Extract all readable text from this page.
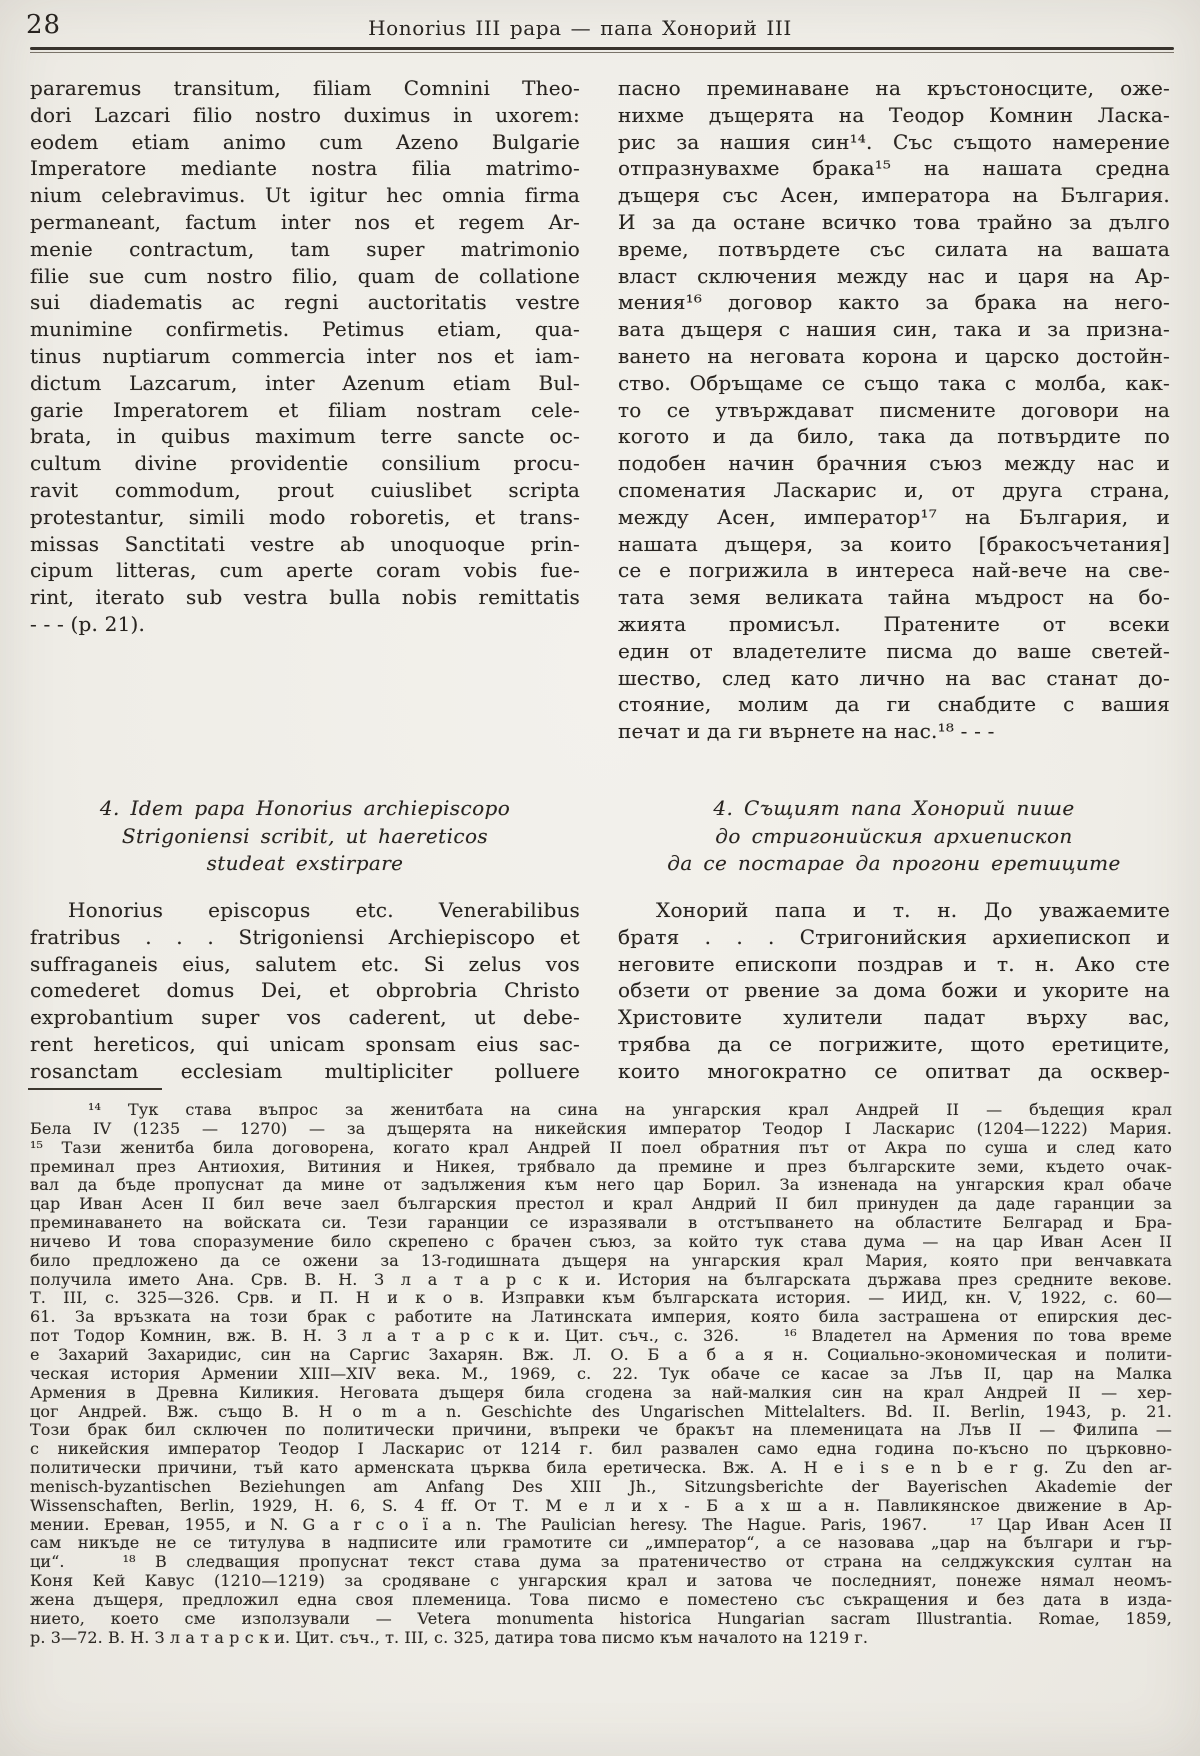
28	Honorius III papa — папа Хонорий III
pararemus transitum, filiam Comnini Theo-
dori Lazcari filio nostro duximus in uxorem:
eodem etiam animo cum Azeno Bulgarie
Imperatore mediante nostra filia matrimo-
nium celebravimus. Ut igitur hec omnia firma
permaneant, factum inter nos et regem Ar-
menie contractum, tam super matrimonio
filie sue cum nostro filio, quam de collatione
sui diadematis ac regni auctoritatis vestre
munimine confirmetis. Petimus etiam, qua-
tinus nuptiarum commercia inter nos et iam-
dictum Lazcarum, inter Azenum etiam Bul-
garie Imperatorem et filiam nostram cele-
brata, in quibus maximum terre sancte oc-
cultum divine providentie consilium procu-
ravit commodum, prout cuiuslibet scripta
protestantur, simili modo roboretis, et trans-
missas Sanctitati vestre ab unoquoque prin-
cipum litteras, cum aperte coram vobis fue-
rint, iterato sub vestra bulla nobis remittatis
- - - (p. 21).
4. Idem papa Honorius archiepiscopo
Strigoniensi scribit, ut haereticos
studeat exstirpare
Honorius episcopus etc. Venerabilibus
fratribus . . . Strigoniensi Archiepiscopo et
suffraganeis eius, salutem etc. Si zelus vos
comederet domus Dei, et obprobria Christo
exprobantium super vos caderent, ut debe-
rent hereticos, qui unicam sponsam eius sac-
rosanctam ecclesiam multipliciter polluere
пасно преминаване на кръстоносците, оже-
нихме дъщерята на Теодор Комнин Ласка-
рис за нашия син¹⁴. Със същото намерение
отпразнувахме брака¹⁵ на нашата средна
дъщеря със Асен, императора на България.
И за да остане всичко това трайно за дълго
време, потвърдете със силата на вашата
власт сключения между нас и царя на Ар-
мения¹⁶ договор както за брака на него-
вата дъщеря с нашия син, така и за призна-
ването на неговата корона и царско достойн-
ство. Обръщаме се също така с молба, как-
то се утвърждават писмените договори на
когото и да било, така да потвърдите по
подобен начин брачния съюз между нас и
споменатия Ласкарис и, от друга страна,
между Асен, император¹⁷ на България, и
нашата дъщеря, за които [бракосъчетания]
се е погрижила в интереса най-вече на све-
тата земя великата тайна мъдрост на бо-
жията промисъл. Пратените от всеки
един от владетелите писма до ваше светей-
шество, след като лично на вас станат до-
стояние, молим да ги снабдите с вашия
печат и да ги върнете на нас.¹⁸ - - -
4. Същият папа Хонорий пише
до стригонийския архиепископ
да се постарае да прогони еретиците
Хонорий папа и т. н. До уважаемите
братя . . . Стригонийския архиепископ и
неговите епископи поздрав и т. н. Ако сте
обзети от рвение за дома божи и укорите на
Христовите хулители падат върху вас,
трябва да се погрижите, щото еретиците,
които многократно се опитват да осквер-
¹⁴ Тук става въпрос за женитбата на сина на унгарския крал Андрей II — бъдещия крал
Бела IV (1235 — 1270) — за дъщерята на никейския император Теодор I Ласкарис (1204—1222) Мария.
¹⁵ Тази женитба била договорена, когато крал Андрей II поел обратния път от Акра по суша и след като
преминал през Антиохия, Витиния и Никея, трябвало да премине и през българските земи, където очак-
вал да бъде пропуснат да мине от задължения към него цар Борил. За изненада на унгарския крал обаче
цар Иван Асен II бил вече заел българския престол и крал Андрий II бил принуден да даде гаранции за
преминаването на войската си. Тези гаранции се изразявали в отстъпването на областите Белгарад и Бра-
ничево И това споразумение било скрепено с брачен съюз, за който тук става дума — на цар Иван Асен II
било предложено да се ожени за 13-годишната дъщеря на унгарския крал Мария, която при венчавката
получила името Ана. Срв. В. Н. З л а т а р с к и. История на българската държава през средните векове.
Т. III, с. 325—326. Срв. и П. Н и к о в. Изправки към българската история. — ИИД, кн. V, 1922, с. 60—
61. За връзката на този брак с работите на Латинската империя, която била застрашена от епирския дес-
пот Тодор Комнин, вж. В. Н. З л а т а р с к и. Цит. съч., с. 326.   ¹⁶ Владетел на Армения по това време
е Захарий Захаридис, син на Саргис Захарян. Вж. Л. О. Б а б а я н. Социально-экономическая и полити-
ческая история Армении XIII—XIV века. М., 1969, с. 22. Тук обаче се касае за Лъв II, цар на Малка
Армения в Древна Киликия. Неговата дъщеря била сгодена за най-малкия син на крал Андрей II — хер-
цог Андрей. Вж. също B. H o m a n. Geschichte des Ungarischen Mittelalters. Bd. II. Berlin, 1943, p. 21.
Този брак бил сключен по политически причини, въпреки че бракът на племеницата на Лъв II — Филипа —
с никейския император Теодор I Ласкарис от 1214 г. бил развален само една година по-късно по църковно-
политически причини, тъй като арменската църква била еретическа. Вж. A. H e i s e n b e r g. Zu den ar-
menisch-byzantischen Beziehungen am Anfang Des XIII Jh., Sitzungsberichte der Bayerischen Akademie der
Wissenschaften, Berlin, 1929, H. 6, S. 4 ff. От Т. М е л и х - Б а х ш а н. Павликянское движение в Ар-
мении. Ереван, 1955, и N. G a r c o ï a n. The Paulician heresy. The Hague. Paris, 1967.   ¹⁷ Цар Иван Асен II
сам никъде не се титулува в надписите или грамотите си „император“, а се назовава „цар на българи и гър-
ци“.   ¹⁸ В следващия пропуснат текст става дума за пратеничество от страна на селджукския султан на
Коня Кей Кавус (1210—1219) за сродяване с унгарския крал и затова че последният, понеже нямал неомъ-
жена дъщеря, предложил една своя племеница. Това писмо е поместено със съкращения и без дата в изда-
нието, което сме използували — Vetera monumenta historica Hungarian sacram Illustrantia. Romae, 1859,
p. 3—72. В. Н. З л а т а р с к и. Цит. съч., т. III, с. 325, датира това писмо към началото на 1219 г.
